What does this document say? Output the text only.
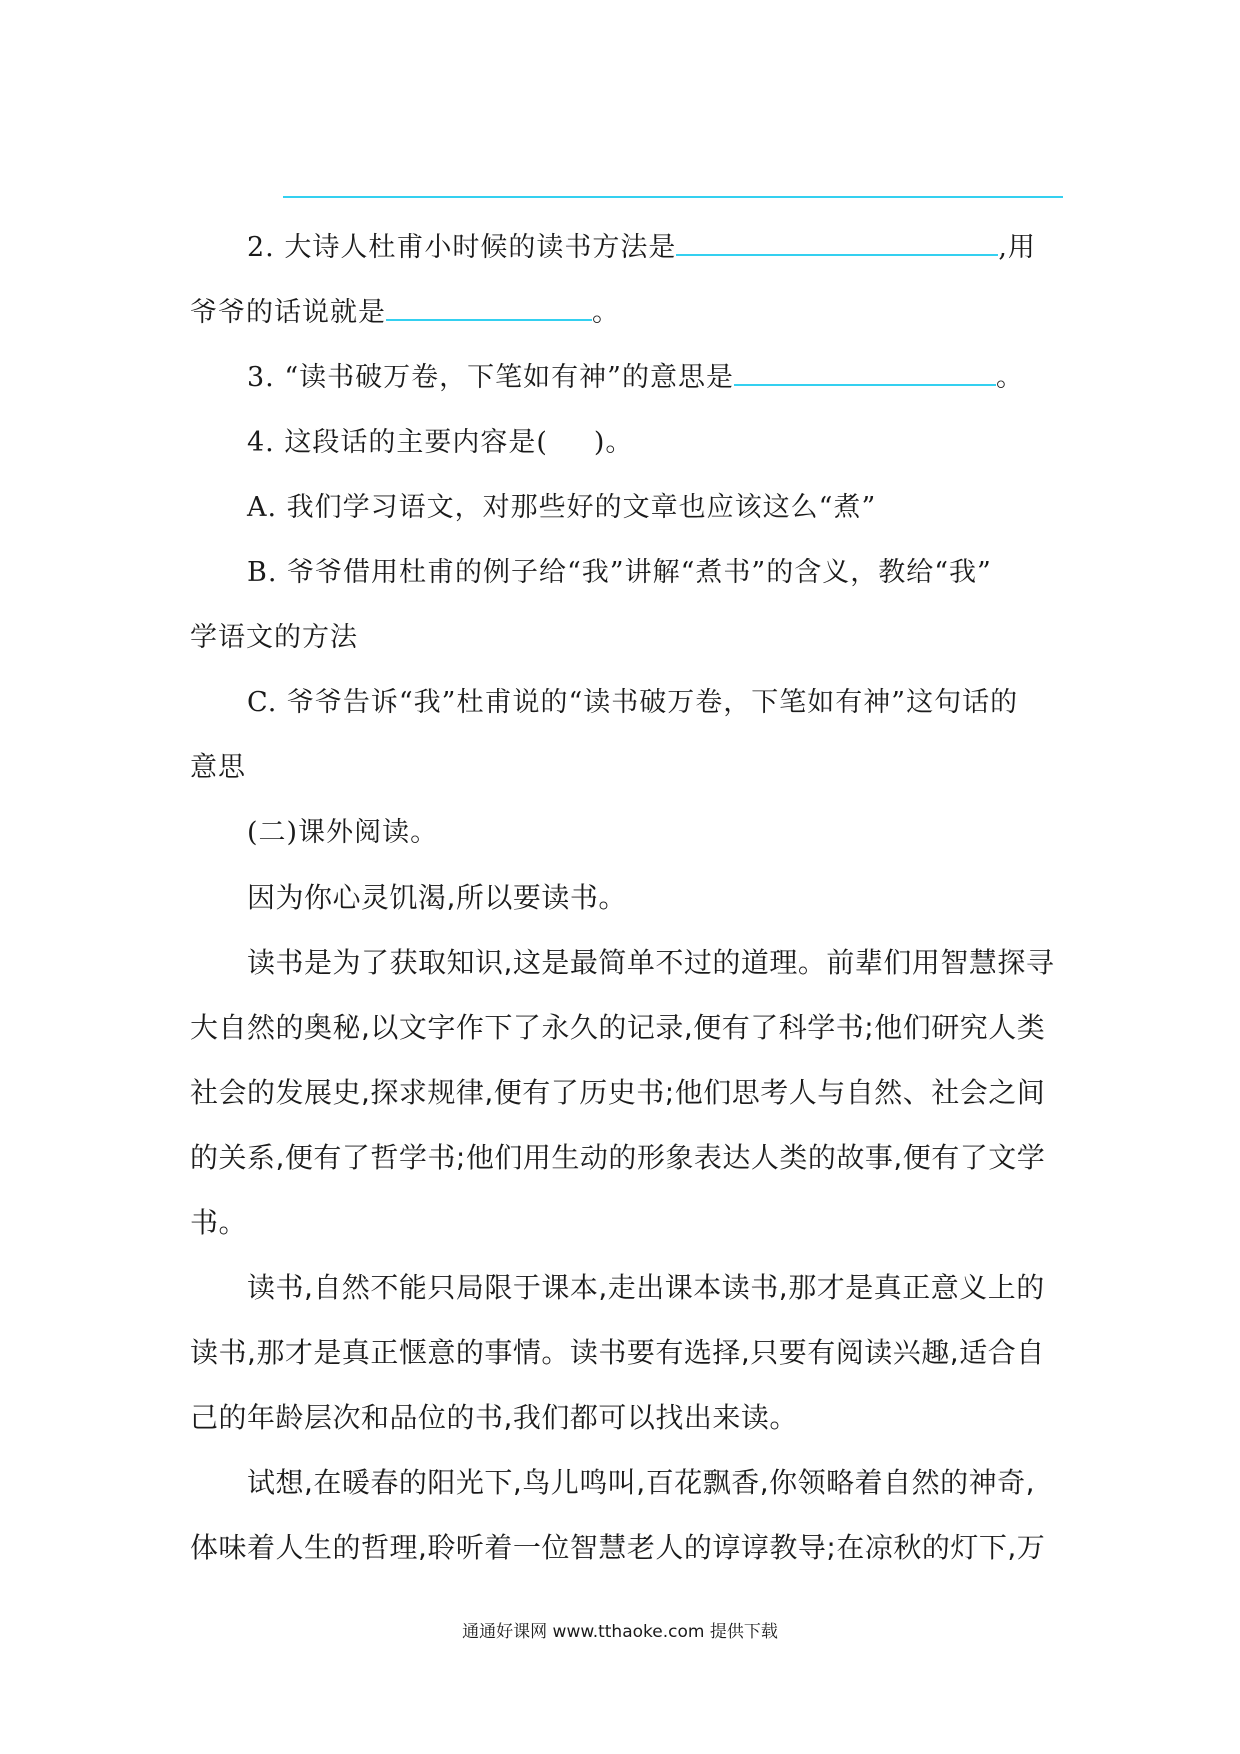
2. 大诗人杜甫小时候的读书方法是	,用

爷爷的话说就是	。

3. “读书破万卷，下笔如有神”的意思是	。

4. 这段话的主要内容是( )。

A. 我们学习语文，对那些好的文章也应该这么“煮”

B. 爷爷借用杜甫的例子给“我”讲解“煮书”的含义，教给“我”

学语文的方法

C. 爷爷告诉“我”杜甫说的“读书破万卷，下笔如有神”这句话的

意思

(二)课外阅读。

因为你心灵饥渴,所以要读书。

读书是为了获取知识,这是最简单不过的道理。前辈们用智慧探寻

大自然的奥秘,以文字作下了永久的记录,便有了科学书;他们研究人类

社会的发展史,探求规律,便有了历史书;他们思考人与自然、社会之间

的关系,便有了哲学书;他们用生动的形象表达人类的故事,便有了文学

书。

读书,自然不能只局限于课本,走出课本读书,那才是真正意义上的

读书,那才是真正惬意的事情。读书要有选择,只要有阅读兴趣,适合自

己的年龄层次和品位的书,我们都可以找出来读。

试想,在暖春的阳光下,鸟儿鸣叫,百花飘香,你领略着自然的神奇,

体味着人生的哲理,聆听着一位智慧老人的谆谆教导;在凉秋的灯下,万

通通好课网 www.tthaoke.com 提供下载
